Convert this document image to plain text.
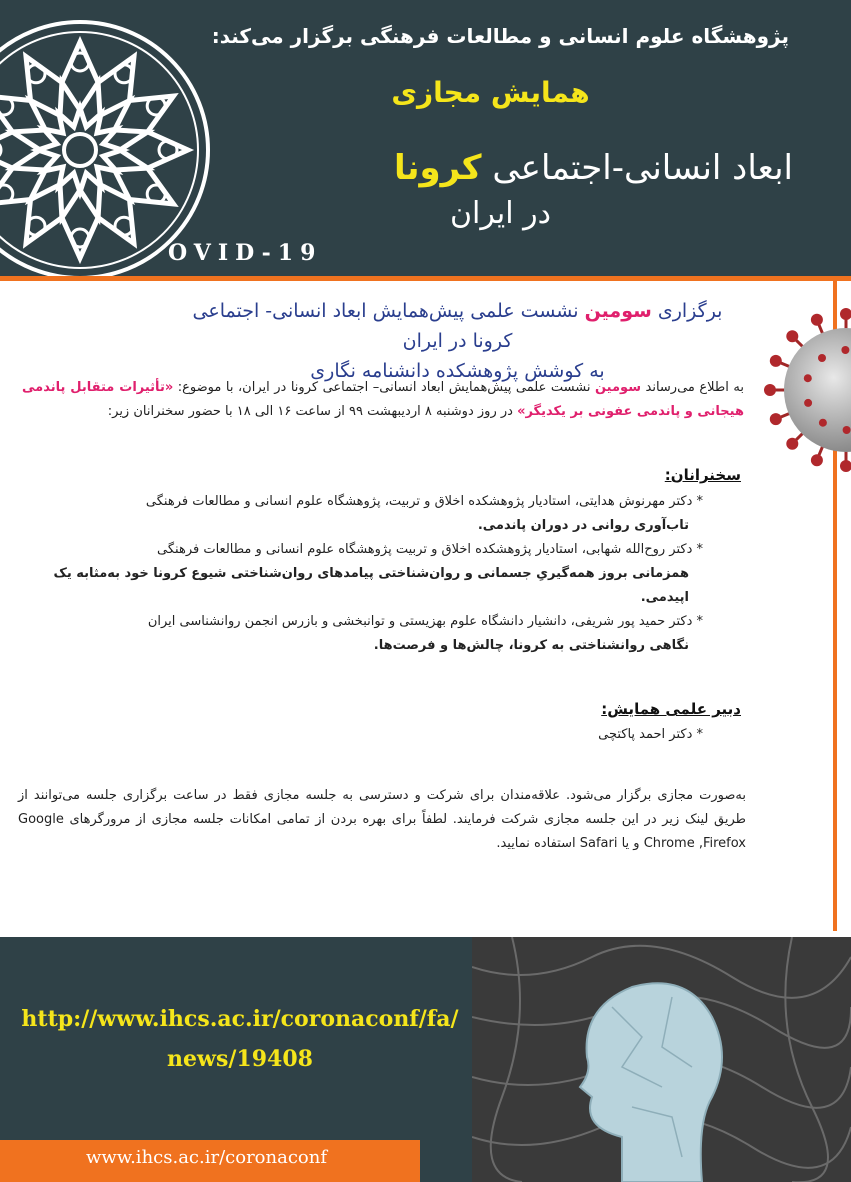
پژوهشگاه علوم انسانی و مطالعات فرهنگی برگزار می‌کند:
همایش مجازی
ابعاد انسانی-اجتماعی کرونا
در ایران
OVID-19
برگزاری سومین نشست علمی پیش‌همایش ابعاد انسانی- اجتماعی کرونا در ایران
به کوشش پژوهشکده دانشنامه نگاری
به اطلاع می‌رساند سومین نشست علمی پیش‌همایش ابعاد انسانی– اجتماعی کرونا در ایران، با موضوع: «تأثیرات متقابل پاندمی هیجانی و پاندمی عفونی بر یکدیگر» در روز دوشنبه ۸ اردیبهشت ۹۹ از ساعت ۱۶ الی ۱۸ با حضور سخنرانان زیر:
سخنرانان:
* دکتر مهرنوش هدایتی، استادیار پژوهشکده اخلاق و تربیت، پژوهشگاه علوم انسانی و مطالعات فرهنگی
تاب‌آوری روانی در دوران پاندمی.
* دکتر روح‌الله شهابی، استادیار پژوهشکده اخلاق و تربیت پژوهشگاه علوم انسانی و مطالعات فرهنگی
همزمانی بروز همه‌گیریِ جسمانی و روان‌شناختی پیامدهای روان‌شناختی شیوع کرونا خود به‌مثابه یک اپیدمی.
* دکتر حمید پور شریفی، دانشیار دانشگاه علوم بهزیستی و توانبخشی و بازرس انجمن روانشناسی ایران
نگاهی روانشناختی به کرونا، چالش‌ها و فرصت‌ها.
دبیر علمی همایش:
* دکتر احمد پاکتچی
به‌صورت مجازی برگزار می‌شود. علاقه‌مندان برای شرکت و دسترسی به جلسه مجازی فقط در ساعت برگزاری جلسه می‌توانند از طریق لینک زیر در این جلسه مجازی شرکت فرمایند. لطفاً برای بهره بردن از تمامی امکانات جلسه مجازی از مرورگرهای Google Chrome ,Firefox و یا Safari استفاده نمایید.
http://www.ihcs.ac.ir/coronaconf/fa/
news/19408
www.ihcs.ac.ir/coronaconf
